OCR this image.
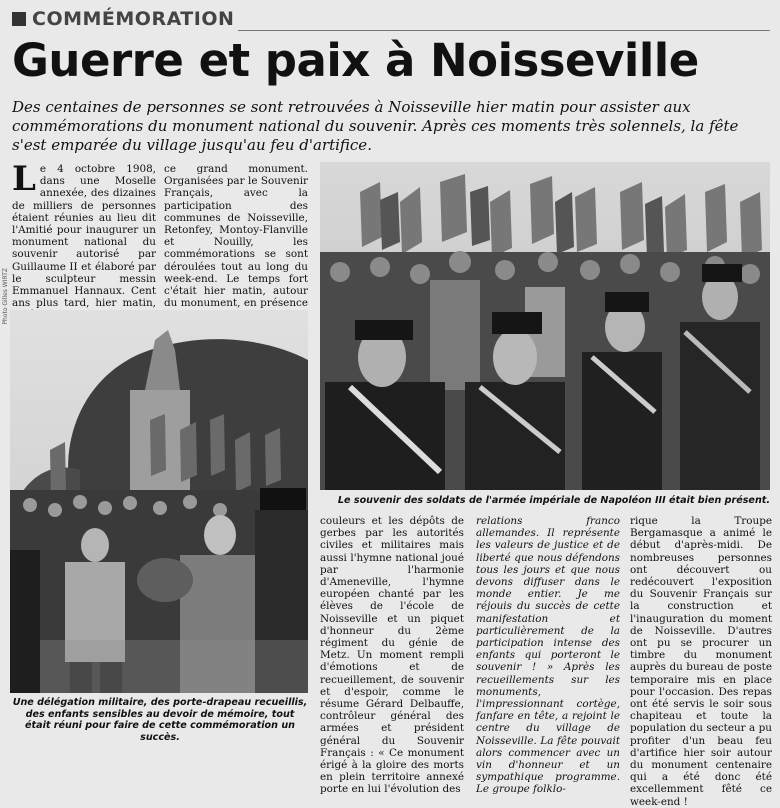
COMMÉMORATION
Guerre et paix à Noisseville

Des centaines de personnes se sont retrouvées à Noisseville hier matin pour assister aux commémorations du monument national du souvenir. Après ces moments très solennels, la fête s'est emparée du village jusqu'au feu d'artifice.

Photo Gilles WIRTZ

Le 4 octobre 1908, dans une Moselle annexée, des dizaines de milliers de personnes étaient réunies au lieu dit l'Amitié pour inaugurer un monument national du souvenir autorisé par Guillaume II et élaboré par le sculpteur messin Emmanuel Hannaux. Cent ans plus tard, hier matin,

ce grand monument. Organisées par le Souvenir Français, avec la participation des communes de Noisseville, Retonfey, Montoy-Flanville et Nouilly, les commémorations se sont déroulées tout au long du week-end. Le temps fort c'était hier matin, autour du monument, en présence

Le souvenir des soldats de l'armée impériale de Napoléon III était bien présent.

Une délégation militaire, des porte-drapeau recueillis, des enfants sensibles au devoir de mémoire, tout était réuni pour faire de cette commémoration un succès.

couleurs et les dépôts de gerbes par les autorités civiles et militaires mais aussi l'hymne national joué par l'harmonie d'Ameneville, l'hymne européen chanté par les élèves de l'école de Noisseville et un piquet d'honneur du 2ème régiment du génie de Metz. Un moment rempli d'émotions et de recueillement, de souvenir et d'espoir, comme le résume Gérard Delbauffe, contrôleur général des armées et président général du Souvenir Français : « Ce monument érigé à la gloire des morts en plein territoire annexé porte en lui l'évolution des

relations franco allemandes. Il représente les valeurs de justice et de liberté que nous défendons tous les jours et que nous devons diffuser dans le monde entier. Je me réjouis du succès de cette manifestation et particulièrement de la participation intense des enfants qui porteront le souvenir ! » Après les recueillements sur les monuments, l'impressionnant cortège, fanfare en tête, a rejoint le centre du village de Noisseville. La fête pouvait alors commencer avec un vin d'honneur et un sympathique programme. Le groupe folklo-

rique la Troupe Bergamasque a animé le début d'après-midi. De nombreuses personnes ont découvert ou redécouvert l'exposition du Souvenir Français sur la construction et l'inauguration du moment de Noisseville. D'autres ont pu se procurer un timbre du monument auprès du bureau de poste temporaire mis en place pour l'occasion. Des repas ont été servis le soir sous chapiteau et toute la population du secteur a pu profiter d'un beau feu d'artifice hier soir autour du monument centenaire qui a été donc été excellemment fêté ce week-end !
